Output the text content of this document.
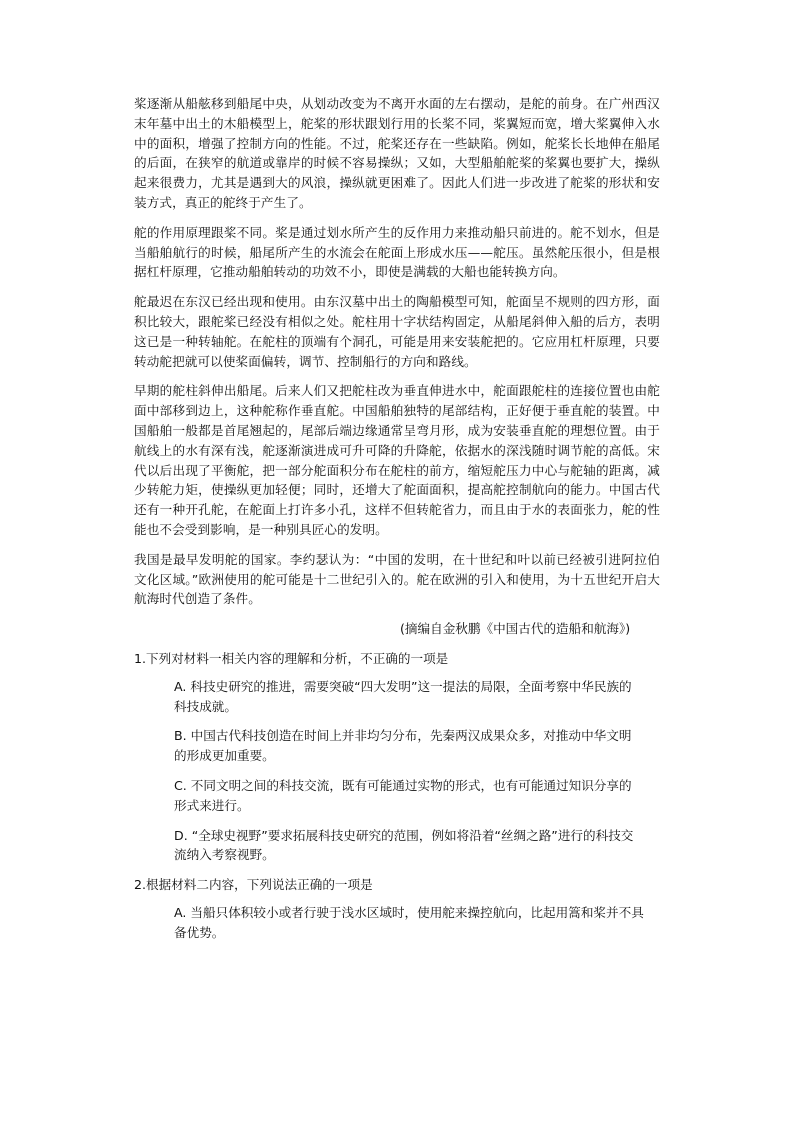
桨逐渐从船舷移到船尾中央，从划动改变为不离开水面的左右摆动，是舵的前身。在广州西汉末年墓中出土的木船模型上，舵桨的形状跟划行用的长桨不同，桨翼短而宽，增大桨翼伸入水中的面积，增强了控制方向的性能。不过，舵桨还存在一些缺陷。例如，舵桨长长地伸在船尾的后面，在狭窄的航道或靠岸的时候不容易操纵；又如，大型船舶舵桨的桨翼也要扩大，操纵起来很费力，尤其是遇到大的风浪，操纵就更困难了。因此人们进一步改进了舵桨的形状和安装方式，真正的舵终于产生了。

舵的作用原理跟桨不同。桨是通过划水所产生的反作用力来推动船只前进的。舵不划水，但是当船舶航行的时候，船尾所产生的水流会在舵面上形成水压——舵压。虽然舵压很小，但是根据杠杆原理，它推动船舶转动的功效不小，即使是满载的大船也能转换方向。

舵最迟在东汉已经出现和使用。由东汉墓中出土的陶船模型可知，舵面呈不规则的四方形，面积比较大，跟舵桨已经没有相似之处。舵柱用十字状结构固定，从船尾斜伸入船的后方，表明这已是一种转轴舵。在舵柱的顶端有个洞孔，可能是用来安装舵把的。它应用杠杆原理，只要转动舵把就可以使桨面偏转，调节、控制船行的方向和路线。

早期的舵柱斜伸出船尾。后来人们又把舵柱改为垂直伸进水中，舵面跟舵柱的连接位置也由舵面中部移到边上，这种舵称作垂直舵。中国船舶独特的尾部结构，正好便于垂直舵的装置。中国船舶一般都是首尾翘起的，尾部后端边缘通常呈弯月形，成为安装垂直舵的理想位置。由于航线上的水有深有浅，舵逐渐演进成可升可降的升降舵，依据水的深浅随时调节舵的高低。宋代以后出现了平衡舵，把一部分舵面积分布在舵柱的前方，缩短舵压力中心与舵轴的距离，减少转舵力矩，使操纵更加轻便；同时，还增大了舵面面积，提高舵控制航向的能力。中国古代还有一种开孔舵，在舵面上打许多小孔，这样不但转舵省力，而且由于水的表面张力，舵的性能也不会受到影响，是一种别具匠心的发明。

我国是最早发明舵的国家。李约瑟认为：“中国的发明，在十世纪和叶以前已经被引进阿拉伯文化区域。”欧洲使用的舵可能是十二世纪引入的。舵在欧洲的引入和使用，为十五世纪开启大航海时代创造了条件。

(摘编自金秋鹏《中国古代的造船和航海》)
1.下列对材料一相关内容的理解和分析，不正确的一项是
A. 科技史研究的推进，需要突破“四大发明”这一提法的局限，全面考察中华民族的科技成就。
B. 中国古代科技创造在时间上并非均匀分布，先秦两汉成果众多，对推动中华文明的形成更加重要。
C. 不同文明之间的科技交流，既有可能通过实物的形式，也有可能通过知识分享的形式来进行。
D. “全球史视野”要求拓展科技史研究的范围，例如将沿着“丝绸之路”进行的科技交流纳入考察视野。
2.根据材料二内容，下列说法正确的一项是
A. 当船只体积较小或者行驶于浅水区域时，使用舵来操控航向，比起用篙和桨并不具备优势。
